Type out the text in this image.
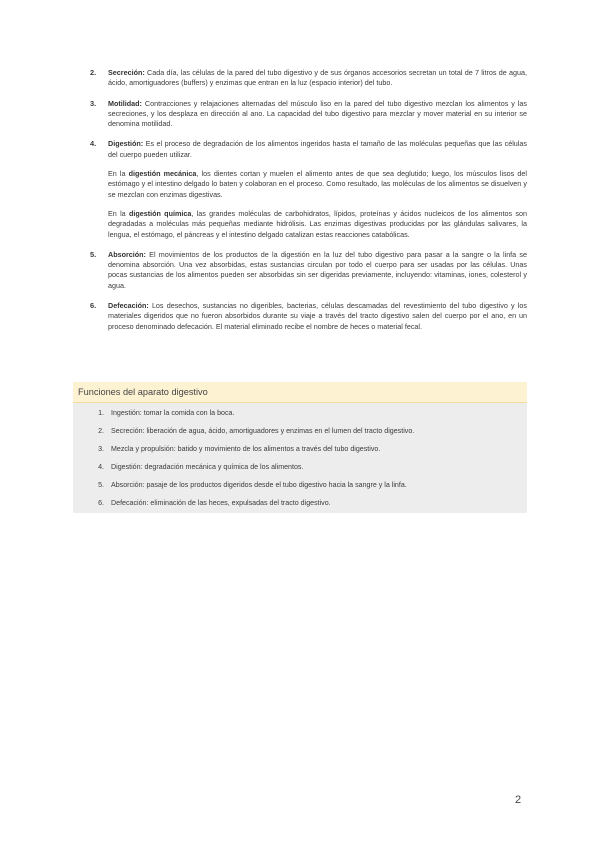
2.	Secreción: Cada día, las células de la pared del tubo digestivo y de sus órganos accesorios secretan un total de 7 litros de agua, ácido, amortiguadores (buffers) y enzimas que entran en la luz (espacio interior) del tubo.

3.	Motilidad: Contracciones y relajaciones alternadas del músculo liso en la pared del tubo digestivo mezclan los alimentos y las secreciones, y los desplaza en dirección al ano. La capacidad del tubo digestivo para mezclar y mover material en su interior se denomina motilidad.

4.	Digestión: Es el proceso de degradación de los alimentos ingeridos hasta el tamaño de las moléculas pequeñas que las células del cuerpo pueden utilizar.

En la digestión mecánica, los dientes cortan y muelen el alimento antes de que sea deglutido; luego, los músculos lisos del estómago y el intestino delgado lo baten y colaboran en el proceso. Como resultado, las moléculas de los alimentos se disuelven y se mezclan con enzimas digestivas.

En la digestión química, las grandes moléculas de carbohidratos, lípidos, proteínas y ácidos nucleicos de los alimentos son degradadas a moléculas más pequeñas mediante hidrólisis. Las enzimas digestivas producidas por las glándulas salivares, la lengua, el estómago, el páncreas y el intestino delgado catalizan estas reacciones catabólicas.

5.	Absorción: El movimientos de los productos de la digestión en la luz del tubo digestivo para pasar a la sangre o la linfa se denomina absorción. Una vez absorbidas, estas sustancias circulan por todo el cuerpo para ser usadas por las células. Unas pocas sustancias de los alimentos pueden ser absorbidas sin ser digeridas previamente, incluyendo: vitaminas, iones, colesterol y agua.

6.	Defecación: Los desechos, sustancias no digeribles, bacterias, células descamadas del revestimiento del tubo digestivo y los materiales digeridos que no fueron absorbidos durante su viaje a través del tracto digestivo salen del cuerpo por el ano, en un proceso denominado defecación. El material eliminado recibe el nombre de heces o material fecal.

Funciones del aparato digestivo
1. Ingestión: tomar la comida con la boca.
2. Secreción: liberación de agua, ácido, amortiguadores y enzimas en el lumen del tracto digestivo.
3. Mezcla y propulsión: batido y movimiento de los alimentos a través del tubo digestivo.
4. Digestión: degradación mecánica y química de los alimentos.
5. Absorción: pasaje de los productos digeridos desde el tubo digestivo hacia la sangre y la linfa.
6. Defecación: eliminación de las heces, expulsadas del tracto digestivo.
2
